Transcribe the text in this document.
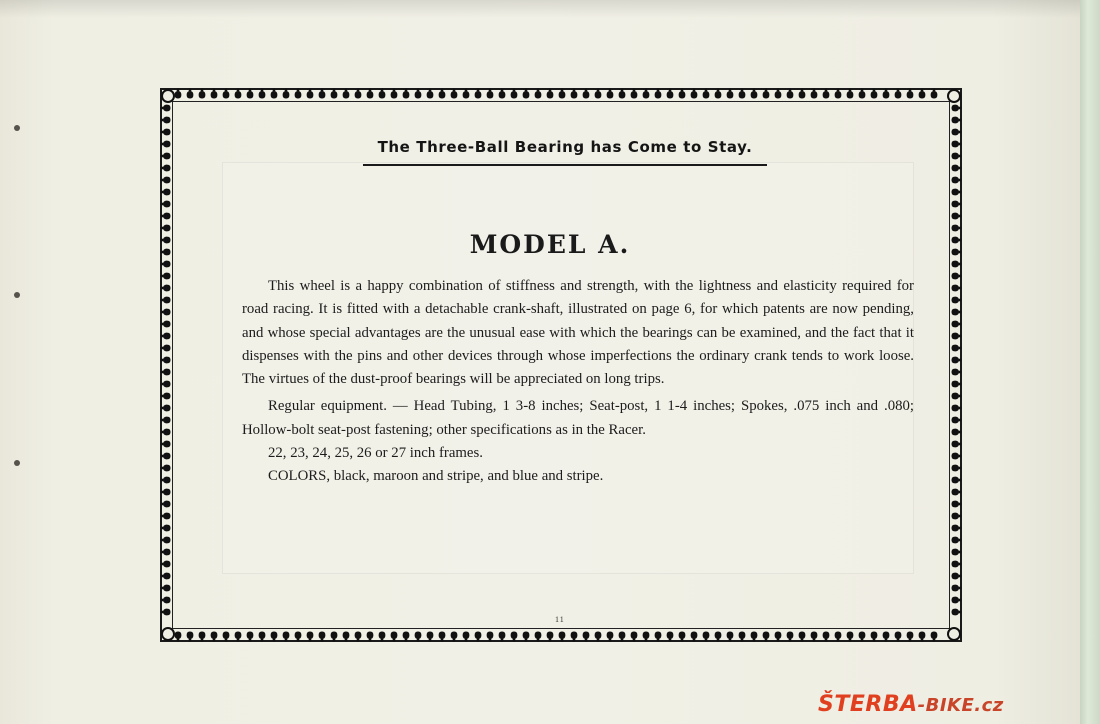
The Three-Ball Bearing has Come to Stay.
MODEL A.

This wheel is a happy combination of stiffness and strength, with the lightness and elasticity required for road racing. It is fitted with a detachable crank-shaft, illustrated on page 6, for which patents are now pending, and whose special advantages are the unusual ease with which the bearings can be examined, and the fact that it dispenses with the pins and other devices through whose imperfections the ordinary crank tends to work loose. The virtues of the dust-proof bearings will be appreciated on long trips.

Regular equipment. — Head Tubing, 1 3-8 inches; Seat-post, 1 1-4 inches; Spokes, .075 inch and .080; Hollow-bolt seat-post fastening; other specifications as in the Racer.

22, 23, 24, 25, 26 or 27 inch frames.

COLORS, black, maroon and stripe, and blue and stripe.

11
ŠTERBA-BIKE.cz
